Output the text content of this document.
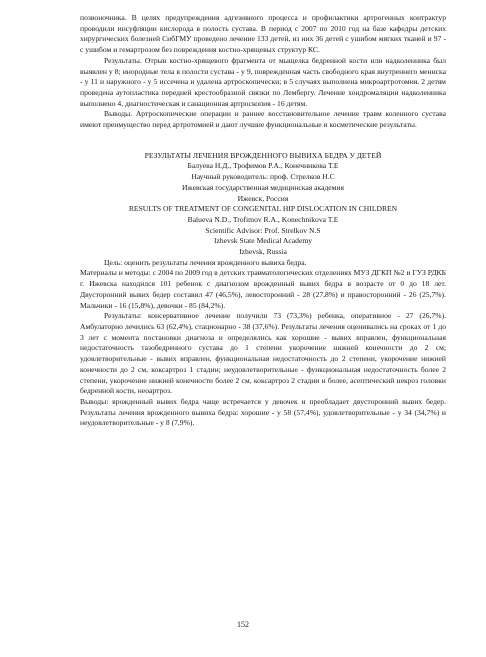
позвоночника. В целях предупреждения адгезивного процесса и профилактики артрогенных контрактур проводили инсуфляции кислорода в полость сустава. В период с 2007 по 2010 год на базе кафедры детских хирургических болезней СибГМУ проведено лечение 133 детей, из них 36 детей с ушибом мягких тканей и 97 - с ушибом и гемартрозом без повреждения костно-хрящевых структур КС.

Результаты. Отрыв костно-хрящевого фрагмента от мыщелка бедренной кости или надколенника был выявлен у 8; инородные тела в полости сустава - у 9, поврежденная часть свободного края внутреннего мениска - у 11 и наружного - у 5 иссечена и удалена артроскопически; в 5 случаях выполнена микроартротомия. 2 детям проведена аутопластика передней крестообразной связки по Лембергу. Лечение хондромаляции надколенника выполнено 4, диагностическая и санационная артроскопия - 16 детям.

Выводы. Артроскопические операции и раннее восстановительное лечение травм коленного сустава имеют преимущество перед артротомией и дают лучшие функциональные и косметические результаты.

РЕЗУЛЬТАТЫ ЛЕЧЕНИЯ ВРОЖДЕННОГО ВЫВИХА БЕДРА У ДЕТЕЙ

Балуева Н.Д., Трофимов Р.А., Конечникова Т.Е

Научный руководитель: проф. Стрелков Н.С

Ижевская государственная медицинская академия

Ижевск, Россия

RESULTS OF TREATMENT OF CONGENITAL HIP DISLOCATION IN CHILDREN

Balueva N.D., Trofimov R.A., Konechnikova T.E

Scientific Advisor: Prof. Strelkov N.S

Izhevsk State Medical Academy

Izhevsk, Russia

Цель: оценить результаты лечения врожденного вывиха бедра.

Материалы и методы: с 2004 по 2009 год в детских травматологических отделениях МУЗ ДГКП №2 и ГУЗ РДКБ г. Ижевска находился 101 ребенок с диагнозом врожденный вывих бедра в возрасте от 0 до 18 лет. Двусторонний вывих бедер составил 47 (46,5%), левосторонний - 28 (27,8%) и правосторонний - 26 (25,7%). Мальчики - 16 (15,8%), девочки - 85 (84,2%).

Результаты: консервативное лечение получили 73 (73,3%) ребенка, оперативное - 27 (26,7%). Амбулаторно лечились 63 (62,4%), стационарно - 38 (37,6%). Результаты лечения оценивались на сроках от 1 до 3 лет с момента постановки диагноза и определялись как хорошие - вывих вправлен, функциональная недостаточность тазобедренного сустава до 1 степени укорочение нижней конечности до 2 см; удовлетворительные - вывих вправлен, функциональная недостаточность до 2 степени, укорочение нижней конечности до 2 см, коксартроз 1 стадии; неудовлетворительные - функциональная недостаточность более 2 степени, укорочение нижней конечности более 2 см, коксартроз 2 стадии и более, асептический некроз головки бедренной кости, неоартроз.

Выводы: врожденный вывих бедра чаще встречается у девочек и преобладает двусторонний вывих бедер. Результаты лечения врожденного вывиха бедра: хорошие - у 58 (57,4%), удовлетворительные - у 34 (34,7%) и неудовлетворительные - у 8 (7,9%).

152
